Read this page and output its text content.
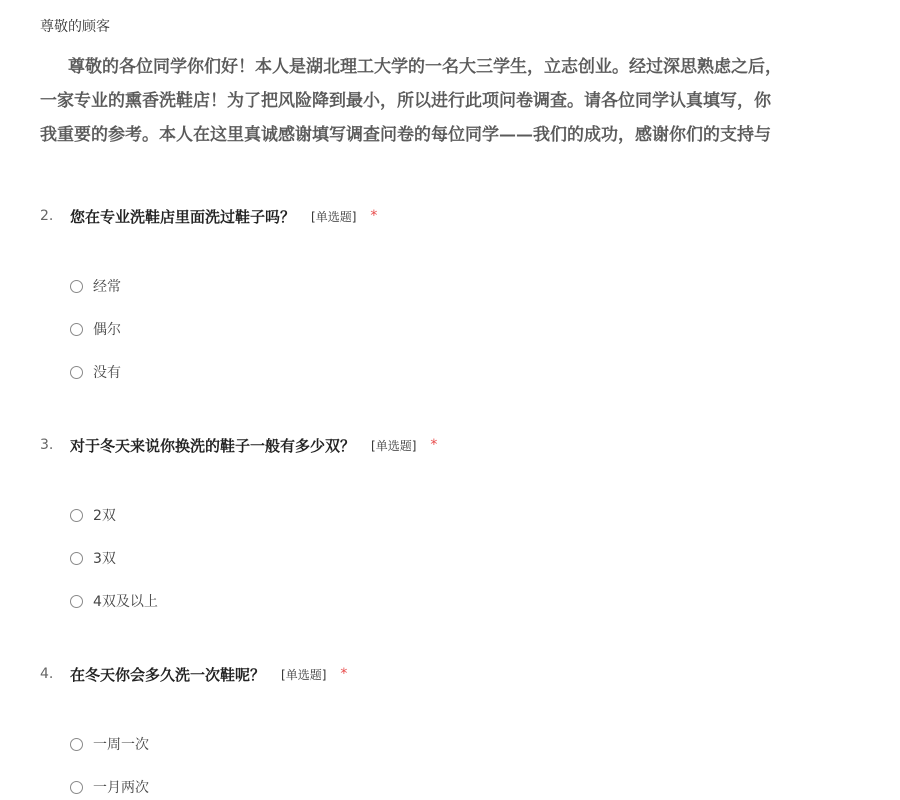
尊敬的顾客
尊敬的各位同学你们好！本人是湖北理工大学的一名大三学生，立志创业。经过深思熟虑之后，
一家专业的熏香洗鞋店！为了把风险降到最小，所以进行此项问卷调查。请各位同学认真填写，你
我重要的参考。本人在这里真诚感谢填写调查问卷的每位同学——我们的成功，感谢你们的支持与
2. 您在专业洗鞋店里面洗过鞋子吗？ [单选题] *
经常
偶尔
没有
3. 对于冬天来说你换洗的鞋子一般有多少双？ [单选题] *
2双
3双
4双及以上
4. 在冬天你会多久洗一次鞋呢？ [单选题] *
一周一次
一月两次
